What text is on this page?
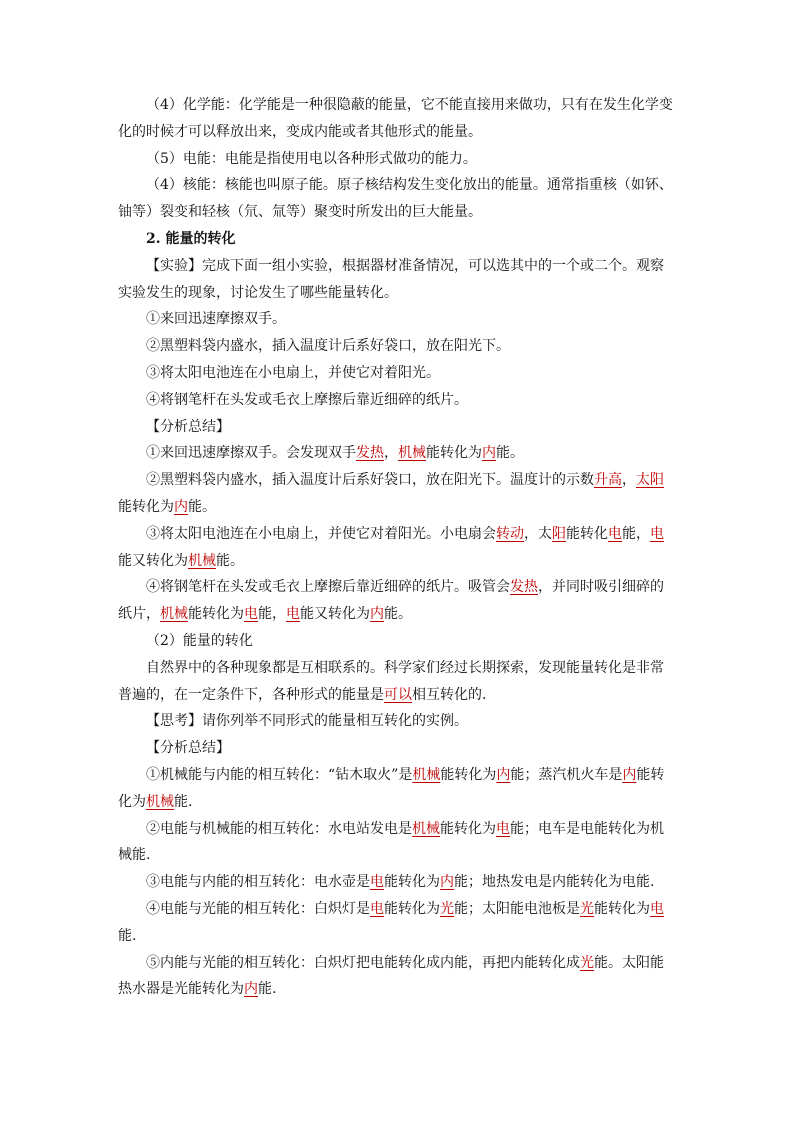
（4）化学能：化学能是一种很隐蔽的能量，它不能直接用来做功，只有在发生化学变化的时候才可以释放出来，变成内能或者其他形式的能量。

（5）电能：电能是指使用电以各种形式做功的能力。

（4）核能：核能也叫原子能。原子核结构发生变化放出的能量。通常指重核（如钚、铀等）裂变和轻核（氘、氚等）聚变时所发出的巨大能量。

2. 能量的转化

【实验】完成下面一组小实验，根据器材准备情况，可以选其中的一个或二个。观察实验发生的现象，讨论发生了哪些能量转化。

①来回迅速摩擦双手。

②黑塑料袋内盛水，插入温度计后系好袋口，放在阳光下。

③将太阳电池连在小电扇上，并使它对着阳光。

④将钢笔杆在头发或毛衣上摩擦后靠近细碎的纸片。

【分析总结】

①来回迅速摩擦双手。会发现双手发热，机械能转化为内能。

②黑塑料袋内盛水，插入温度计后系好袋口，放在阳光下。温度计的示数升高，太阳能转化为内能。

③将太阳电池连在小电扇上，并使它对着阳光。小电扇会转动，太阳能转化电能，电能又转化为机械能。

④将钢笔杆在头发或毛衣上摩擦后靠近细碎的纸片。吸管会发热，并同时吸引细碎的纸片，机械能转化为电能，电能又转化为内能。

（2）能量的转化

自然界中的各种现象都是互相联系的。科学家们经过长期探索，发现能量转化是非常普遍的，在一定条件下，各种形式的能量是可以相互转化的.

【思考】请你列举不同形式的能量相互转化的实例。

【分析总结】

①机械能与内能的相互转化：“钻木取火”是机械能转化为内能；蒸汽机火车是内能转化为机械能.

②电能与机械能的相互转化：水电站发电是机械能转化为电能；电车是电能转化为机械能.

③电能与内能的相互转化：电水壶是电能转化为内能；地热发电是内能转化为电能.

④电能与光能的相互转化：白炽灯是电能转化为光能；太阳能电池板是光能转化为电能.

⑤内能与光能的相互转化：白炽灯把电能转化成内能，再把内能转化成光能。太阳能热水器是光能转化为内能.
